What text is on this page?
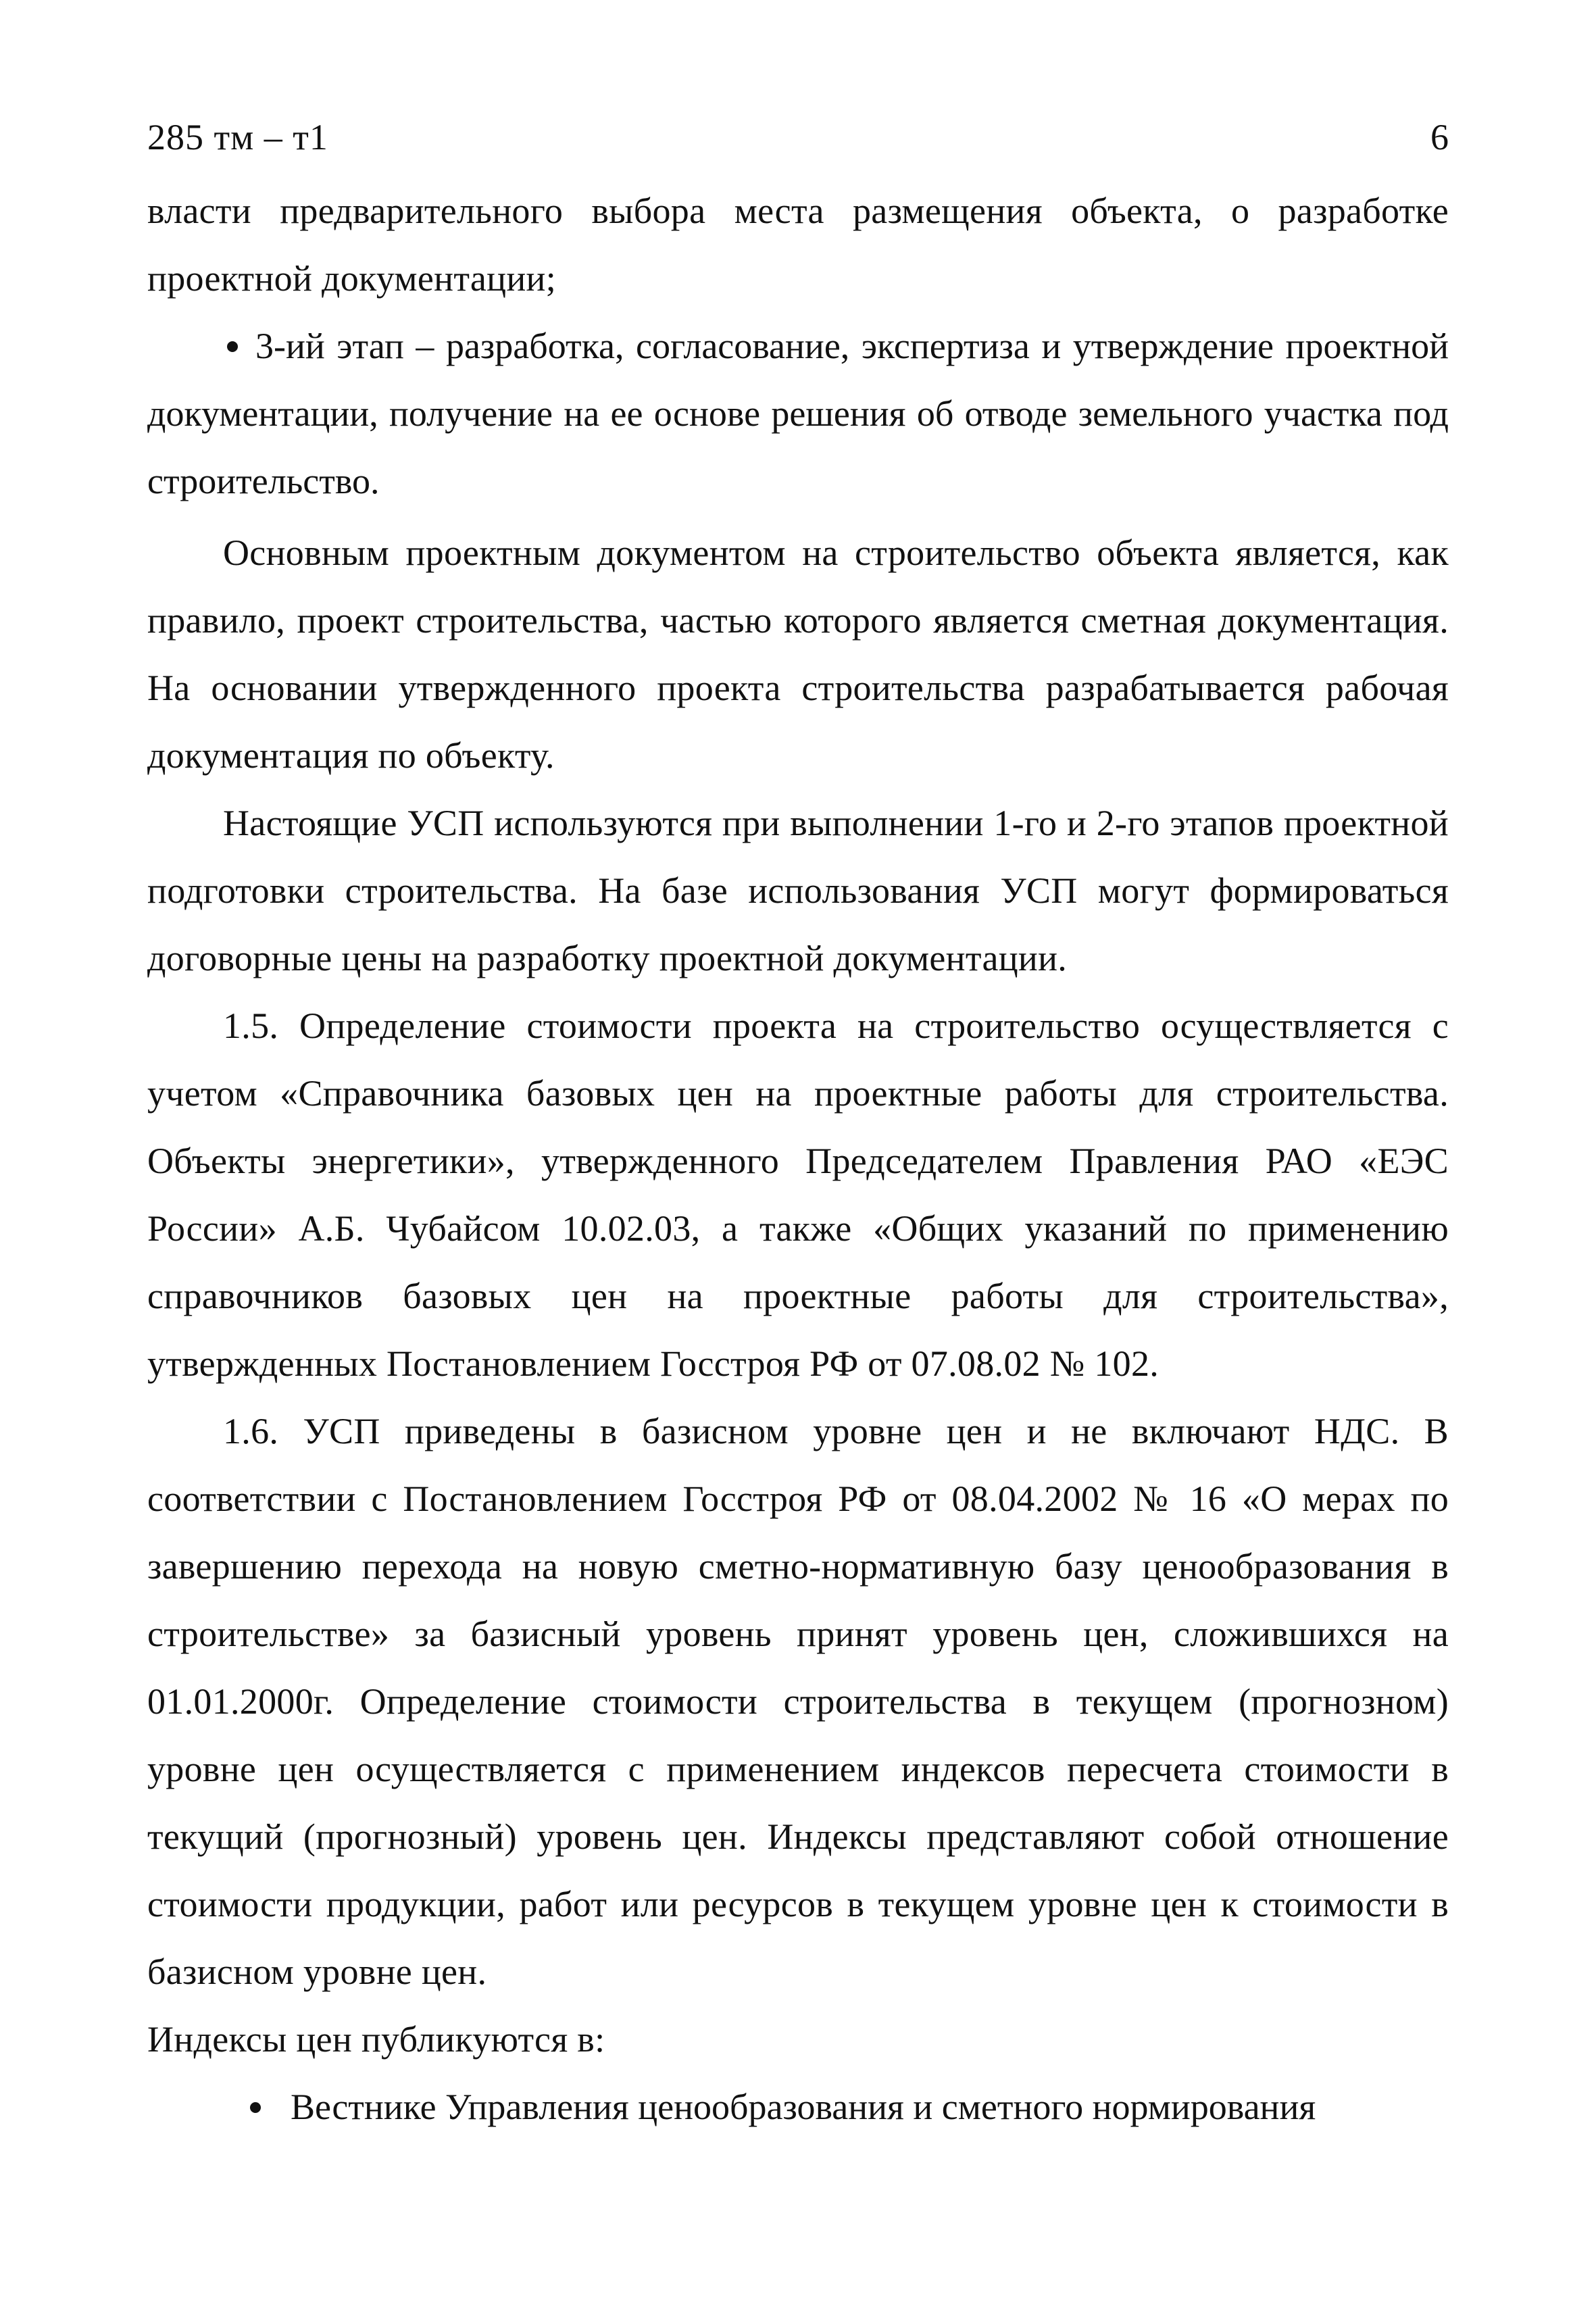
285 тм – т1	6

власти предварительного выбора места размещения объекта, о разработке проектной документации;

3-ий этап – разработка, согласование, экспертиза и утверждение проектной документации, получение на ее основе решения об отводе земельного участка под строительство.

Основным проектным документом на строительство объекта является, как правило, проект строительства, частью которого является сметная документация. На основании утвержденного проекта строительства разрабатывается рабочая документация по объекту.

Настоящие УСП используются при выполнении 1-го и 2-го этапов проектной подготовки строительства. На базе использования УСП могут формироваться договорные цены на разработку проектной документации.

1.5. Определение стоимости проекта на строительство осуществляется с учетом «Справочника базовых цен на проектные работы для строительства. Объекты энергетики», утвержденного Председателем Правления РАО «ЕЭС России» А.Б. Чубайсом 10.02.03, а также «Общих указаний по применению справочников базовых цен на проектные работы для строительства», утвержденных Постановлением Госстроя РФ от 07.08.02 № 102.

1.6. УСП приведены в базисном уровне цен и не включают НДС. В соответствии с Постановлением Госстроя РФ от 08.04.2002 № 16 «О мерах по завершению перехода на новую сметно-нормативную базу ценообразования в строительстве» за базисный уровень принят уровень цен, сложившихся на 01.01.2000г. Определение стоимости строительства в текущем (прогнозном) уровне цен осуществляется с применением индексов пересчета стоимости в текущий (прогнозный) уровень цен. Индексы представляют собой отношение стоимости продукции, работ или ресурсов в текущем уровне цен к стоимости в базисном уровне цен.

Индексы цен публикуются в:

Вестнике Управления ценообразования и сметного нормирования
